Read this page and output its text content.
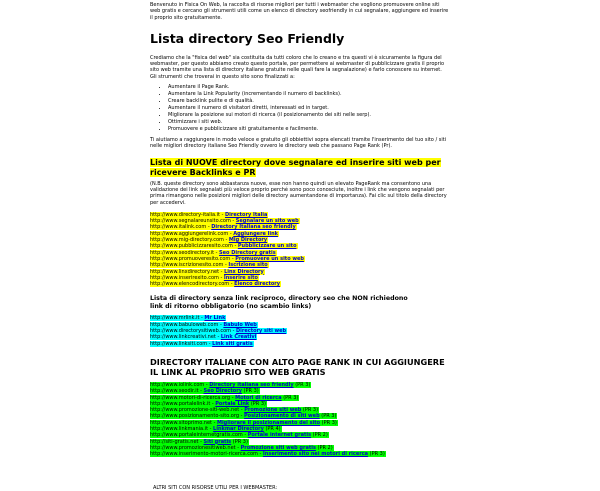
Benvenuto in Fisica On Web, la raccolta di risorse migliori per tutti i webmaster che vogliono promuovere online siti web gratis e cercano gli strumenti utili come un elenco di directory seofriendly in cui segnalare, aggiungere ed inserire il proprio sito gratuitamente.

Lista directory Seo Friendly

Crediamo che la "fisica del web" sia costituita da tutti coloro che lo creano e tra questi vi è sicuramente la figura del webmaster, per questo abbiamo creato questo portale, per permettere ai webmaster di pubblicizzare gratis il proprio sito web tramite una lista di directory italiane gratuite nelle quali fare la segnalazione) e farlo conoscere su internet. Gli strumenti che troverai in questo sito sono finalizzati a:

• Aumentare il Page Rank.
• Aumentare la Link Popularity (incrementando il numero di backlinks).
• Creare backlink pulite e di qualità.
• Aumentare il numero di visitatori diretti, interessati ed in target.
• Migliorare la posizione sui motori di ricerca (il posizionamento dei siti nelle serp).
• Ottimizzare i siti web.
• Promuovere e pubblicizzare siti gratuitamente e facilmente.

Ti aiutiamo a raggiungere in modo veloce e gratuito gli obbiettivi sopra elencati tramite l'inserimento del tuo sito / siti nelle migliori directory italiane Seo Friendly ovvero le directory web che passano Page Rank (Pr).

Lista di NUOVE directory dove segnalare ed inserire siti web per ricevere Backlinks e PR

(N.B. queste directory sono abbastanza nuove, esse non hanno quindi un elevato PageRank ma consentono una validazione dei link segnalati più veloce proprio perché sono poco conosciute, inoltre i link che vengono segnalati per prima rimangono nelle posizioni migliori delle directory aumentandone di importanza). Fai clic sul titolo della directory per accedervi.

http://www.directory-italia.it - Directory Italia
http://www.segnalareunsito.com - Segnalare un sito web
http://www.italink.com - Directory Italiana seo friendly
http://www.aggiungerelink.com - Aggiungere link
http://www.mig-directory.com - Mig Directory
http://www.pubblicizzaresito.com - Pubblicizzare un sito
http://www.seodirectory.it - Seo Directory gratis
http://www.promuoveresito.com - Promuovere un sito web
http://www.iscrizionesito.com - Iscrizione sito
http://www.linxdirectory.net - Linx Directory
http://www.inserirexito.com - Inserire sito
http://www.elencodirectory.com - Elenco directory
Lista di directory senza link reciproco, directory seo che NON richiedono link di ritorno obbligatorio (no scambio links)
http://www.mrlink.it - Mr Link
http://www.babuloweb.com - Babulo Web
http://www.directorysitiweb.com - Directory siti web
http://www.linkcreativi.net - Link Creativi
http://www.linksiti.com - Link siti gratis
DIRECTORY ITALIANE CON ALTO PAGE RANK IN CUI AGGIUNGERE IL LINK AL PROPRIO SITO WEB GRATIS
http://www.iolink.com - Directory italiana seo friendly (PR 3)
http://www.seodir.it - Seo Directory (PR 3)
http://www.motori-di-ricerca.org - Motori di ricerca (PR 3)
http://www.portalelink.it - Portale Link (PR 3)
http://www.promozione-siti-web.net - Promozione siti web (PR 3)
http://www.posizionamento-sito.org - Posizionamento di siti web (PR 3)
http://www.sitoprimo.net - Migliorare il posizionamento del sito (PR 3)
http://www.linkmania.it - Linkmar Directory (PR 4)
http://www.portaleinternetgratis.com - Portale internet gratis (PR 2)
http://siti-gratis.net - Siti gratis (PR 3)
http://www.promozionesitiweb.net - Promozione siti web gratis (PR 2)
http://www.inserimento-motori-ricerca.com - Inserimento sito nei motori di ricerca (PR 3)
ALTRI SITI CON RISORSE UTILI PER I WEBMASTER:
